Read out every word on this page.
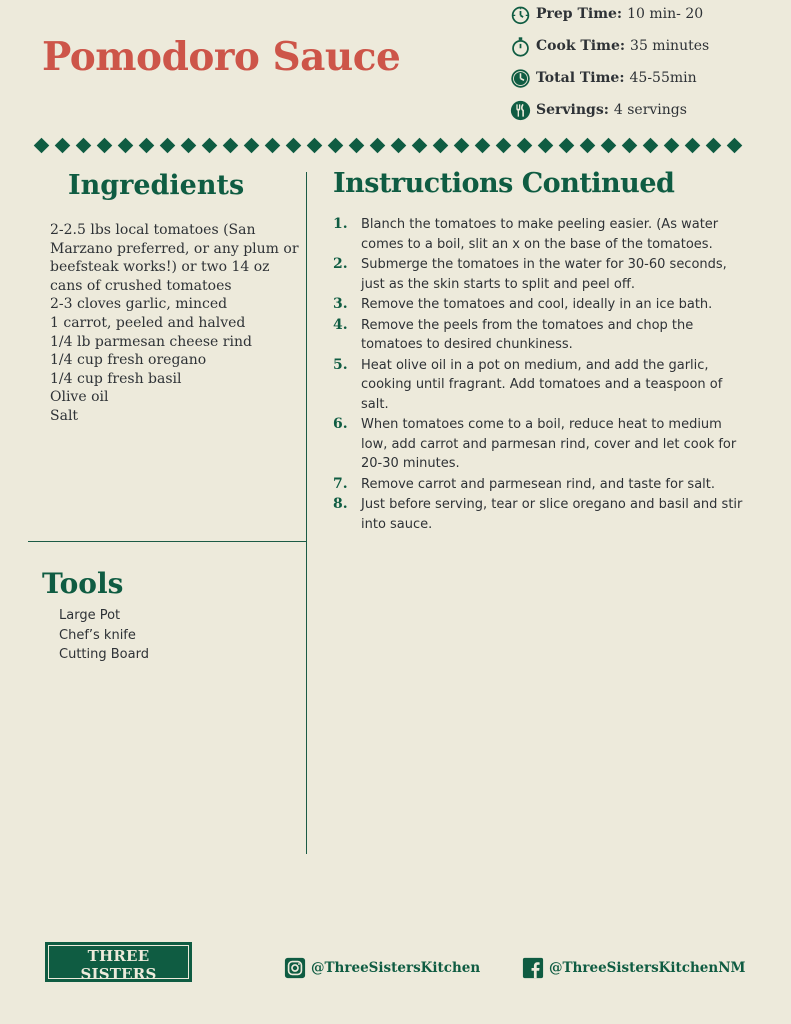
Pomodoro Sauce
Prep Time: 10 min- 20
Cook Time: 35 minutes
Total Time: 45-55min
Servings: 4 servings
Ingredients
2-2.5 lbs local tomatoes (San Marzano preferred, or any plum or beefsteak works!) or two 14 oz cans of crushed tomatoes
2-3 cloves garlic, minced
1 carrot, peeled and halved
1/4 lb parmesan cheese rind
1/4 cup fresh oregano
1/4 cup fresh basil
Olive oil
Salt
Instructions Continued
1.	Blanch the tomatoes to make peeling easier. (As water comes to a boil, slit an x on the base of the tomatoes.
2.	Submerge the tomatoes in the water for 30-60 seconds, just as the skin starts to split and peel off.
3.	Remove the tomatoes and cool, ideally in an ice bath.
4.	Remove the peels from the tomatoes and chop the tomatoes to desired chunkiness.
5.	Heat olive oil in a pot on medium, and add the garlic, cooking until fragrant. Add tomatoes and a teaspoon of salt.
6.	When tomatoes come to a boil, reduce heat to medium low, add carrot and parmesan rind, cover and let cook for 20-30 minutes.
7.	Remove carrot and parmesean rind, and taste for salt.
8.	Just before serving, tear or slice oregano and basil and stir into sauce.
Tools
Large Pot
Chef’s knife
Cutting Board
THREE SISTERS
KITCHEN
@ThreeSistersKitchen	@ThreeSistersKitchenNM
